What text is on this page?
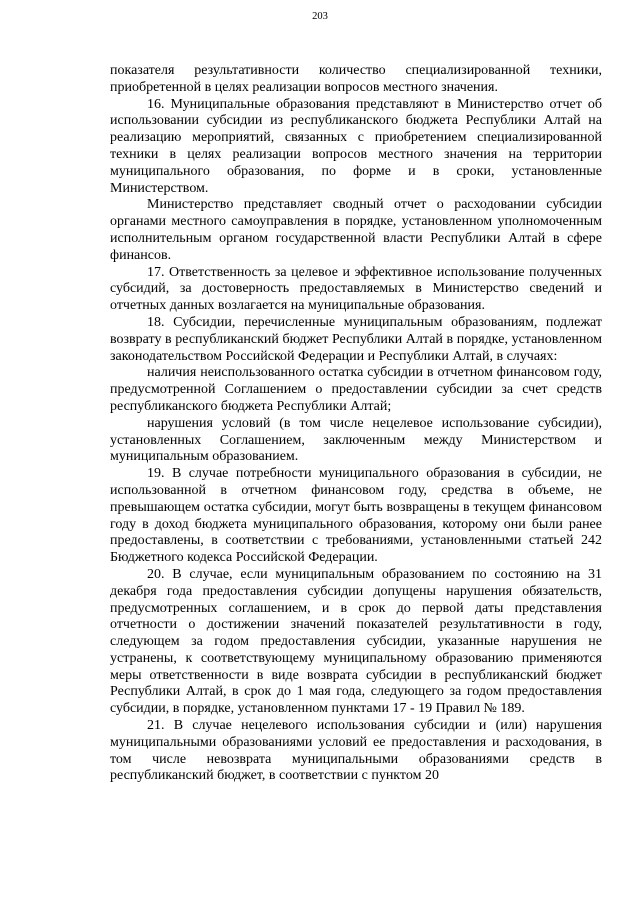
203

показателя результативности количество специализированной техники, приобретенной в целях реализации вопросов местного значения.

16. Муниципальные образования представляют в Министерство отчет об использовании субсидии из республиканского бюджета Республики Алтай на реализацию мероприятий, связанных с приобретением специализированной техники в целях реализации вопросов местного значения на территории муниципального образования, по форме и в сроки, установленные Министерством.

Министерство представляет сводный отчет о расходовании субсидии органами местного самоуправления в порядке, установленном уполномоченным исполнительным органом государственной власти Республики Алтай в сфере финансов.

17. Ответственность за целевое и эффективное использование полученных субсидий, за достоверность предоставляемых в Министерство сведений и отчетных данных возлагается на муниципальные образования.

18. Субсидии, перечисленные муниципальным образованиям, подлежат возврату в республиканский бюджет Республики Алтай в порядке, установленном законодательством Российской Федерации и Республики Алтай, в случаях:

наличия неиспользованного остатка субсидии в отчетном финансовом году, предусмотренной Соглашением о предоставлении субсидии за счет средств республиканского бюджета Республики Алтай;

нарушения условий (в том числе нецелевое использование субсидии), установленных Соглашением, заключенным между Министерством и муниципальным образованием.

19. В случае потребности муниципального образования в субсидии, не использованной в отчетном финансовом году, средства в объеме, не превышающем остатка субсидии, могут быть возвращены в текущем финансовом году в доход бюджета муниципального образования, которому они были ранее предоставлены, в соответствии с требованиями, установленными статьей 242 Бюджетного кодекса Российской Федерации.

20. В случае, если муниципальным образованием по состоянию на 31 декабря года предоставления субсидии допущены нарушения обязательств, предусмотренных соглашением, и в срок до первой даты представления отчетности о достижении значений показателей результативности в году, следующем за годом предоставления субсидии, указанные нарушения не устранены, к соответствующему муниципальному образованию применяются меры ответственности в виде возврата субсидии в республиканский бюджет Республики Алтай, в срок до 1 мая года, следующего за годом предоставления субсидии, в порядке, установленном пунктами 17 - 19 Правил № 189.

21. В случае нецелевого использования субсидии и (или) нарушения муниципальными образованиями условий ее предоставления и расходования, в том числе невозврата муниципальными образованиями средств в республиканский бюджет, в соответствии с пунктом 20
